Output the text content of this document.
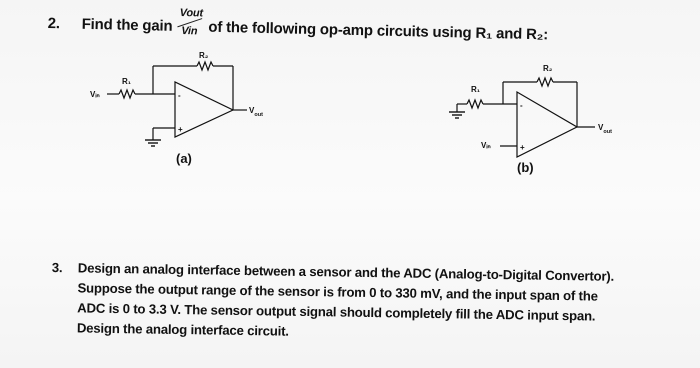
2. Find the gain
Vout
Vin of the following op-amp circuits using R₁ and R₂:
Vᵢₙ
R₁
R₂
-
+
$V_{out}$
(a)
R₁
R₂
-
+
Vᵢₙ
$V_{out}$
(b)
3. Design an analog interface between a sensor and the ADC (Analog-to-Digital Convertor).
Suppose the output range of the sensor is from 0 to 330 mV, and the input span of the
ADC is 0 to 3.3 V. The sensor output signal should completely fill the ADC input span.
Design the analog interface circuit.
